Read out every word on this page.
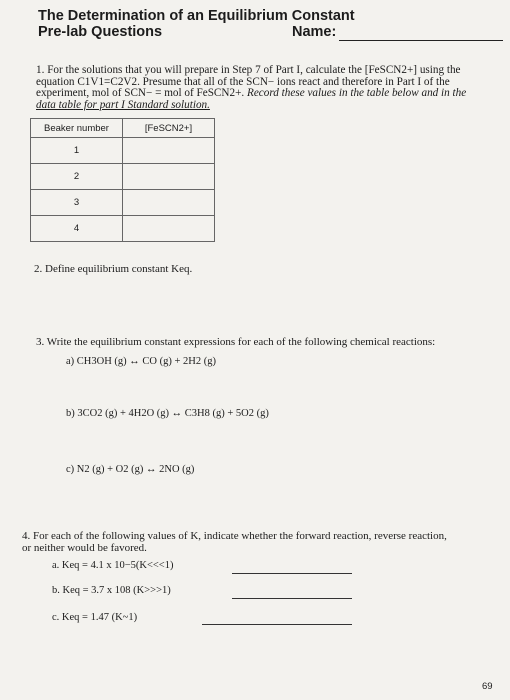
The Determination of an Equilibrium Constant
Pre-lab Questions	Name:

1. For the solutions that you will prepare in Step 7 of Part I, calculate the [FeSCN2+] using the

equation C1V1=C2V2. Presume that all of the SCN− ions react and therefore in Part I of the

experiment, mol of SCN− = mol of FeSCN2+. Record these values in the table below and in the

data table for part I Standard solution.

Beaker number	[FeSCN2+]
1	
2	
3	
4	
2. Define equilibrium constant Keq.
3. Write the equilibrium constant expressions for each of the following chemical reactions:
a) CH3OH (g) ↔ CO (g) + 2H2 (g)
b) 3CO2 (g) + 4H2O (g) ↔ C3H8 (g) + 5O2 (g)
c) N2 (g) + O2 (g) ↔ 2NO (g)

4. For each of the following values of K, indicate whether the forward reaction, reverse reaction,

or neither would be favored.

a. Keq = 4.1 x 10−5(K<<<1)
b. Keq = 3.7 x 108 (K>>>1)
c. Keq = 1.47 (K~1)
69
